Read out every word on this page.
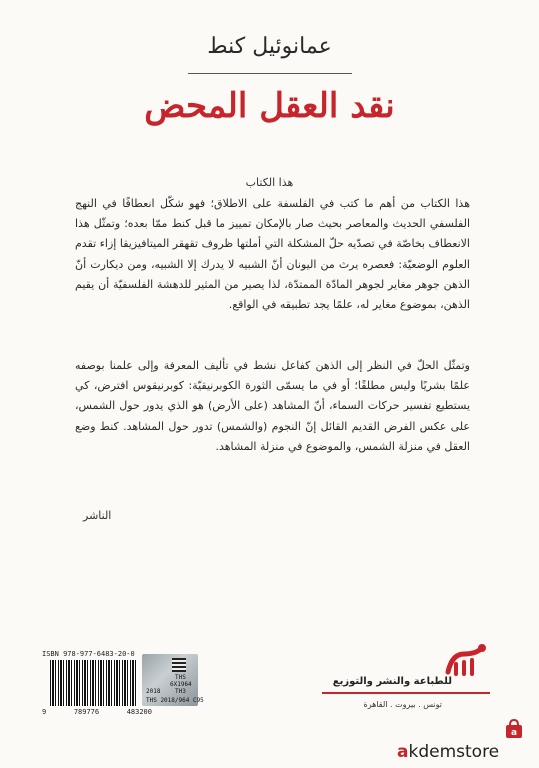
عمانوئيل كنط
نقد العقل المحض
هذا الكتاب
هذا الكتاب من أهم ما كتب في الفلسفة على الاطلاق؛ فهو شكّل انعطافًا في النهج الفلسفي الحديث والمعاصر بحيث صار بالإمكان تمييز ما قبل كنط ممّا بعده؛ وتمثّل هذا الانعطاف بخاصّة في تصدّيه حلّ المشكلة التي أملتها ظروف تقهقر الميتافيزيقا إزاء تقدم العلوم الوضعيّة: فعصره يرث من اليونان أنّ الشبيه لا يدرك إلا الشبيه، ومن ديكارت أنّ الذهن جوهر مغاير لجوهر المادّة الممتدّة، لذا يصير من المثير للدهشة الفلسفيّة أن يقيم الذهن، بموضوع مغاير له، علمًا يجد تطبيقه في الواقع.
وتمثّل الحلّ في النظر إلى الذهن كفاعل نشط في تأليف المعرفة وإلى علمنا بوصفه علمًا بشريًا وليس مطلقًا؛ أو في ما يسمّى الثورة الكوبرنيقيّة: كوبرنيقوس افترض، كي يستطيع تفسير حركات السماء، أنّ المشاهد (على الأرض) هو الذي يدور حول الشمس، على عكس الفرض القديم القائل إنّ النجوم (والشمس) تدور حول المشاهد. كنط وضع العقل في منزلة الشمس، والموضوع في منزلة المشاهد.
الناشر
ISBN 978-977-6483-20-0
9	789776	483200
THS
6X1964
TH3
2018
THS 2018/964 C95
للطباعة والنشر والتوزيع
تونس . بيروت . القاهرة
a
akdemstore
